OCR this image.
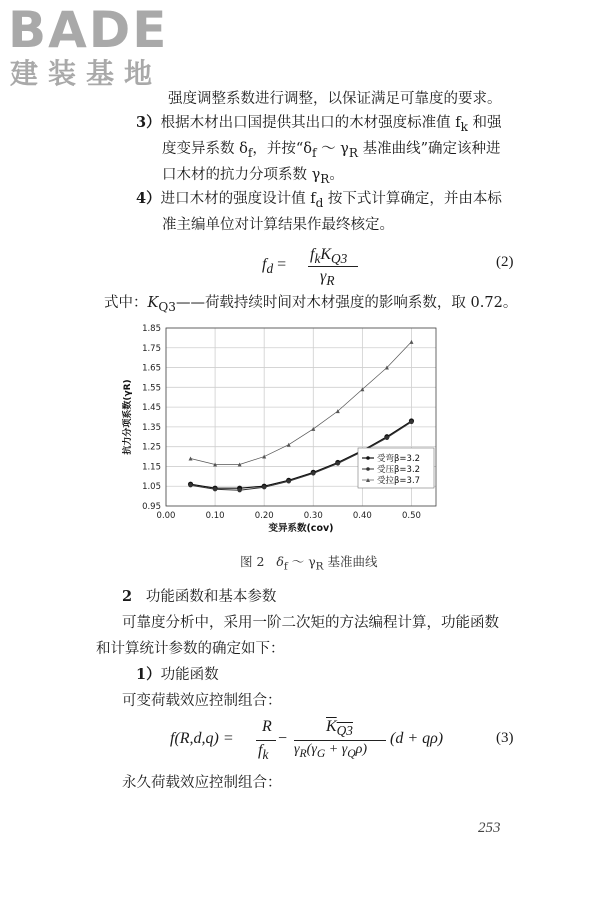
BADE
建装基地
强度调整系数进行调整，以保证满足可靠度的要求。
3）根据木材出口国提供其出口的木材强度标准值 $f_k$ 和强
度变异系数 $\delta_f$，并按“$\delta_f$ ～ $\gamma_R$ 基准曲线”确定该种进
口木材的抗力分项系数 $\gamma_R$。
4）进口木材的强度设计值 $f_d$ 按下式计算确定，并由本标
准主编单位对计算结果作最终核定。
$f_d$ =
$f_kK_{Q3}$
$\gamma_R$
(2)
式中：$K_{Q3}——$荷载持续时间对木材强度的影响系数，取 0.72。
0.95
1.05
1.15
1.25
1.35
1.45
1.55
1.65
1.75
1.85
0.00	0.10	0.20	0.30	0.40	0.50
变异系数(cov)
抗力分项系数(γR)
受弯β=3.2
受压β=3.2
受拉β=3.7
图 2 $\delta_f$ ～ $\gamma_R$ 基准曲线
2 功能函数和基本参数
可靠度分析中，采用一阶二次矩的方法编程计算，功能函数
和计算统计参数的确定如下：
1）功能函数
可变荷载效应控制组合：
f(R,d,q) =
R
$f_k$
−
$K_{Q3}$
$\gamma_R(\gamma_G + \gamma_Q\rho)$
(d + qρ)	(3)
永久荷载效应控制组合：
253
